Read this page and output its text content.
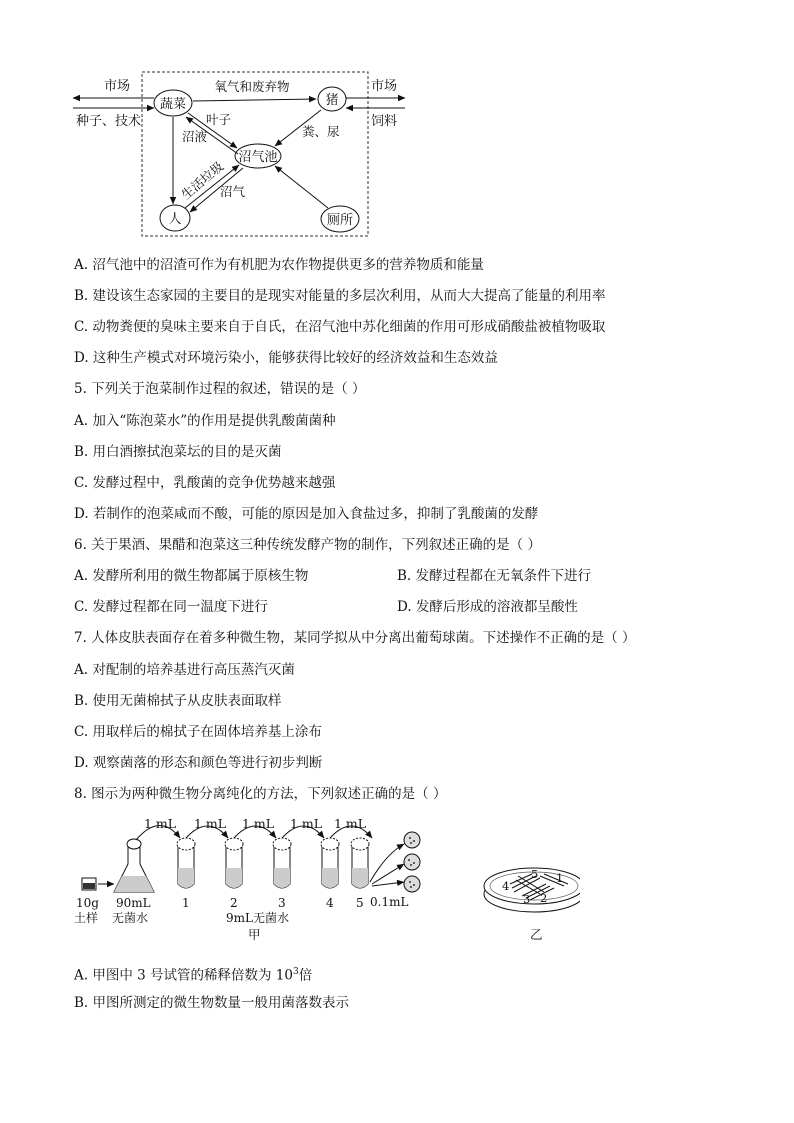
市场
种子、技术
市场
饲料
蔬菜	猪
沼气池
人	厕所
氧气和废弃物
叶子
沼液	粪、尿
生活垃圾
沼气
A. 沼气池中的沼渣可作为有机肥为农作物提供更多的营养物质和能量
B. 建设该生态家园的主要目的是现实对能量的多层次利用，从而大大提高了能量的利用率
C. 动物粪便的臭味主要来自于自氏，在沼气池中苏化细菌的作用可形成硝酸盐被植物吸取
D. 这种生产模式对环境污染小，能够获得比较好的经济效益和生态效益
5. 下列关于泡菜制作过程的叙述，错误的是（ ）
A. 加入“陈泡菜水”的作用是提供乳酸菌菌种
B. 用白酒擦拭泡菜坛的目的是灭菌
C. 发酵过程中，乳酸菌的竞争优势越来越强
D. 若制作的泡菜咸而不酸，可能的原因是加入食盐过多，抑制了乳酸菌的发酵
6. 关于果酒、果醋和泡菜这三种传统发酵产物的制作，下列叙述正确的是（ ）
A. 发酵所利用的微生物都属于原核生物	B. 发酵过程都在无氧条件下进行
C. 发酵过程都在同一温度下进行	D. 发酵后形成的溶液都呈酸性
7. 人体皮肤表面存在着多种微生物，某同学拟从中分离出葡萄球菌。下述操作不正确的是（ ）
A. 对配制的培养基进行高压蒸汽灭菌
B. 使用无菌棉拭子从皮肤表面取样
C. 用取样后的棉拭子在固体培养基上涂布
D. 观察菌落的形态和颜色等进行初步判断
8. 图示为两种微生物分离纯化的方法，下列叙述正确的是（ ）
10g
土样
90mL
无菌水
1 mL 1 mL 1 mL 1 mL 1 mL
1	2	3	4 5
9mL无菌水
甲
0.1mL
1
2
3
4
5
乙
A. 甲图中 3 号试管的稀释倍数为 $10^3$倍
B. 甲图所测定的微生物数量一般用菌落数表示
